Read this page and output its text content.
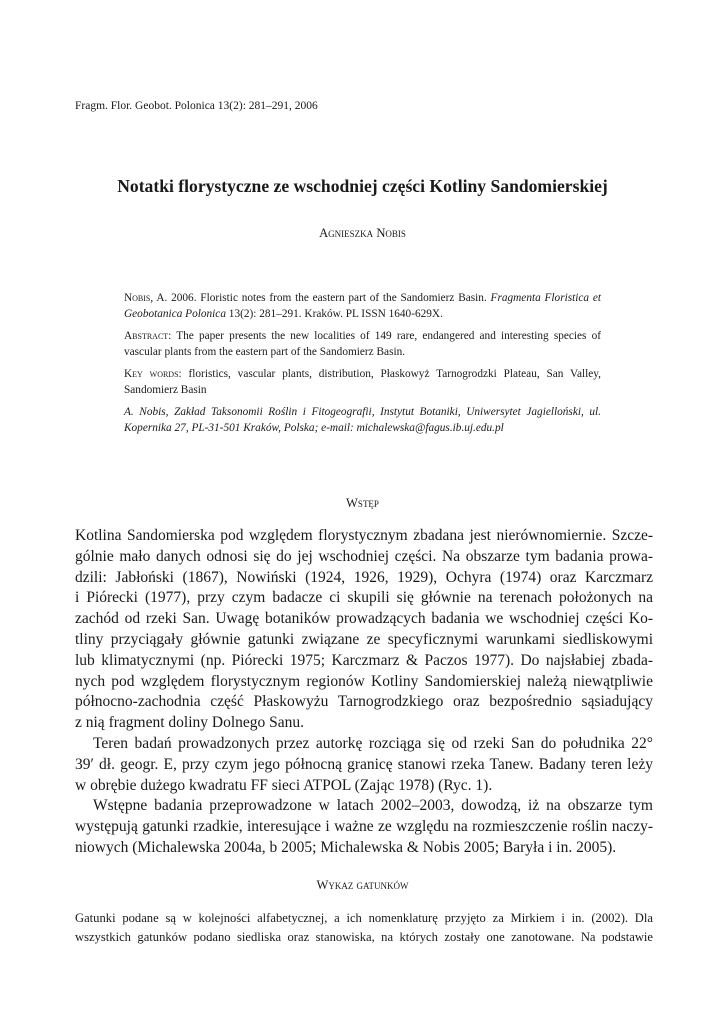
Fragm. Flor. Geobot. Polonica 13(2): 281–291, 2006
Notatki florystyczne ze wschodniej części Kotliny Sandomierskiej
Agnieszka Nobis

Nobis, A. 2006. Floristic notes from the eastern part of the Sandomierz Basin. Fragmenta Floristica et Geobotanica Polonica 13(2): 281–291. Kraków. PL ISSN 1640-629X.

Abstract: The paper presents the new localities of 149 rare, endangered and interesting species of vascular plants from the eastern part of the Sandomierz Basin.

Key words: floristics, vascular plants, distribution, Płaskowyż Tarnogrodzki Plateau, San Valley, Sandomierz Basin

A. Nobis, Zakład Taksonomii Roślin i Fitogeografii, Instytut Botaniki, Uniwersytet Jagielloński, ul. Kopernika 27, PL-31-501 Kraków, Polska; e-mail: michalewska@fagus.ib.uj.edu.pl

Wstęp
Kotlina Sandomierska pod względem florystycznym zbadana jest nierównomiernie. Szcze-
gólnie mało danych odnosi się do jej wschodniej części. Na obszarze tym badania prowa-
dzili: Jabłoński (1867), Nowiński (1924, 1926, 1929), Ochyra (1974) oraz Karczmarz
i Piórecki (1977), przy czym badacze ci skupili się głównie na terenach położonych na
zachód od rzeki San. Uwagę botaników prowadzących badania we wschodniej części Ko-
tliny przyciągały głównie gatunki związane ze specyficznymi warunkami siedliskowymi
lub klimatycznymi (np. Piórecki 1975; Karczmarz & Paczos 1977). Do najsłabiej zbada-
nych pod względem florystycznym regionów Kotliny Sandomierskiej należą niewątpliwie
północno-zachodnia część Płaskowyżu Tarnogrodzkiego oraz bezpośrednio sąsiadujący
z nią fragment doliny Dolnego Sanu.
Teren badań prowadzonych przez autorkę rozciąga się od rzeki San do południka 22°
39′ dł. geogr. E, przy czym jego północną granicę stanowi rzeka Tanew. Badany teren leży
w obrębie dużego kwadratu FF sieci ATPOL (Zając 1978) (Ryc. 1).
Wstępne badania przeprowadzone w latach 2002–2003, dowodzą, iż na obszarze tym
występują gatunki rzadkie, interesujące i ważne ze względu na rozmieszczenie roślin naczy-
niowych (Michalewska 2004a, b 2005; Michalewska & Nobis 2005; Baryła i in. 2005).
Wykaz gatunków
Gatunki podane są w kolejności alfabetycznej, a ich nomenklaturę przyjęto za Mirkiem i in. (2002). Dla
wszystkich gatunków podano siedliska oraz stanowiska, na których zostały one zanotowane. Na podstawie
